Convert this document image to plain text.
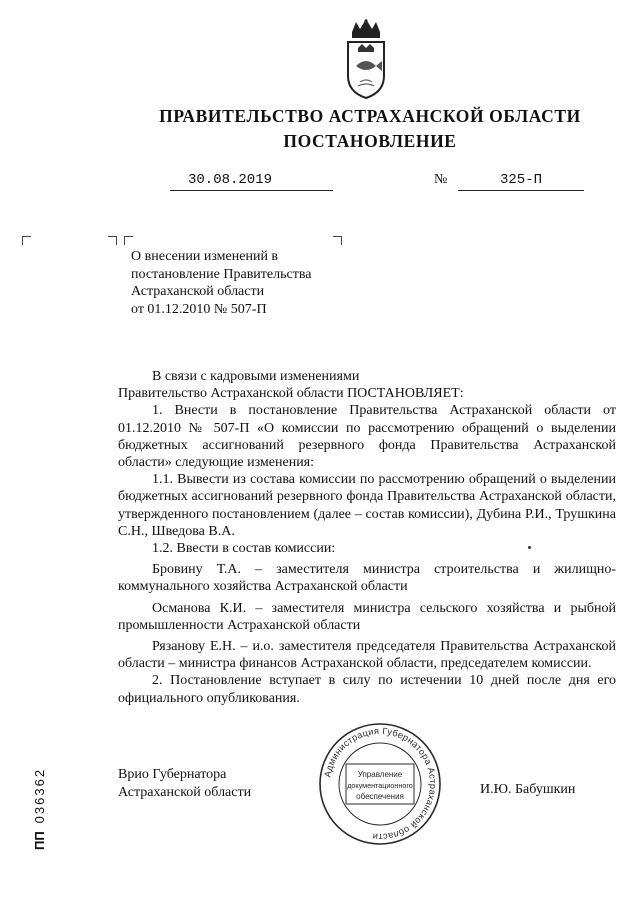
ПРАВИТЕЛЬСТВО АСТРАХАНСКОЙ ОБЛАСТИ
ПОСТАНОВЛЕНИЕ
30.08.2019	№	325-П
О внесении изменений в
постановление Правительства
Астраханской области
от 01.12.2010 № 507-П

В связи с кадровыми изменениями

Правительство Астраханской области ПОСТАНОВЛЯЕТ:

1. Внести в постановление Правительства Астраханской области от 01.12.2010 № 507-П «О комиссии по рассмотрению обращений о выделении бюджетных ассигнований резервного фонда Правительства Астраханской области» следующие изменения:

1.1. Вывести из состава комиссии по рассмотрению обращений о выделении бюджетных ассигнований резервного фонда Правительства Астраханской области, утвержденного постановлением (далее – состав комиссии), Дубина Р.И., Трушкина С.Н., Шведова В.А.

1.2. Ввести в состав комиссии:

Бровину Т.А. – заместителя министра строительства и жилищно-коммунального хозяйства Астраханской области

Османова К.И. – заместителя министра сельского хозяйства и рыбной промышленности Астраханской области

Рязанову Е.Н. – и.о. заместителя председателя Правительства Астраханской области – министра финансов Астраханской области, председателем комиссии.

2. Постановление вступает в силу по истечении 10 дней после дня его официального опубликования.

Врио Губернатора
Астраханской области
Администрация Губернатора Астраханской области
Управление
документационного
обеспечения	И.Ю. Бабушкин
ПП036362
